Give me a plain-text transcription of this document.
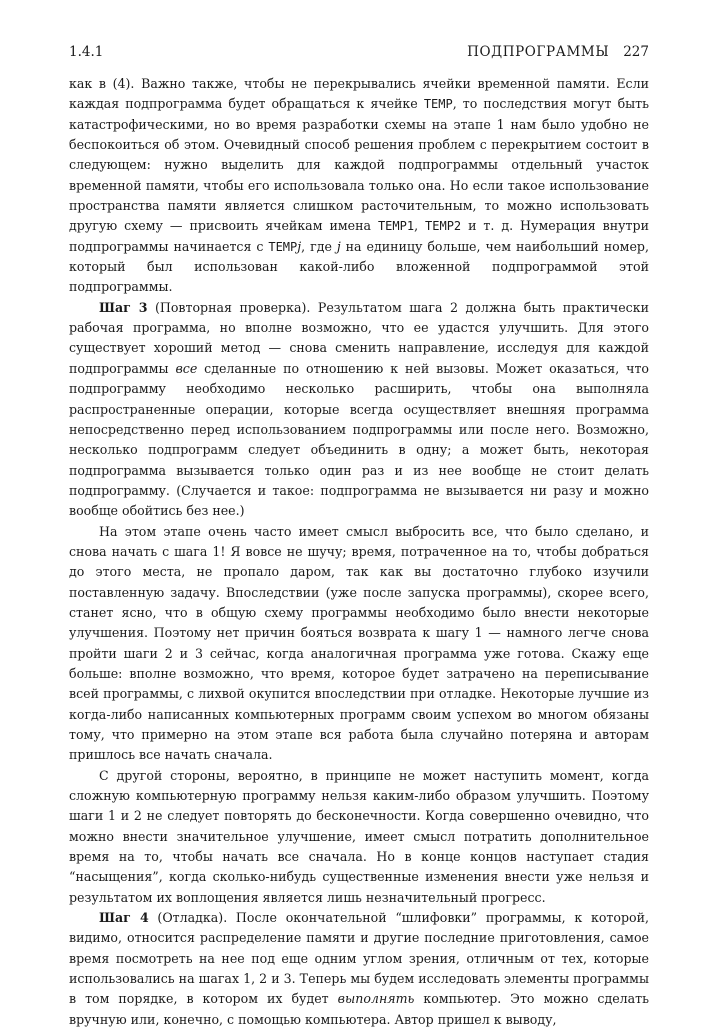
1.4.1	ПОДПРОГРАММЫ 227

как в (4). Важно также, чтобы не перекрывались ячейки временной памяти. Если каждая подпрограмма будет обращаться к ячейке TEMP, то последствия могут быть катастрофическими, но во время разработки схемы на этапе 1 нам было удобно не беспокоиться об этом. Очевидный способ решения проблем с перекрытием состоит в следующем: нужно выделить для каждой подпрограммы отдельный участок временной памяти, чтобы его использовала только она. Но если такое использование пространства памяти является слишком расточительным, то можно использовать другую схему — присвоить ячейкам имена TEMP1, TEMP2 и т. д. Нумерация внутри подпрограммы начинается с TEMPj, где j на единицу больше, чем наибольший номер, который был использован какой-либо вложенной подпрограммой этой подпрограммы.

Шаг 3 (Повторная проверка). Результатом шага 2 должна быть практически рабочая программа, но вполне возможно, что ее удастся улучшить. Для этого существует хороший метод — снова сменить направление, исследуя для каждой подпрограммы все сделанные по отношению к ней вызовы. Может оказаться, что подпрограмму необходимо несколько расширить, чтобы она выполняла распространенные операции, которые всегда осуществляет внешняя программа непосредственно перед использованием подпрограммы или после него. Возможно, несколько подпрограмм следует объединить в одну; а может быть, некоторая подпрограмма вызывается только один раз и из нее вообще не стоит делать подпрограмму. (Случается и такое: подпрограмма не вызывается ни разу и можно вообще обойтись без нее.)

На этом этапе очень часто имеет смысл выбросить все, что было сделано, и снова начать с шага 1! Я вовсе не шучу; время, потраченное на то, чтобы добраться до этого места, не пропало даром, так как вы достаточно глубоко изучили поставленную задачу. Впоследствии (уже после запуска программы), скорее всего, станет ясно, что в общую схему программы необходимо было внести некоторые улучшения. Поэтому нет причин бояться возврата к шагу 1 — намного легче снова пройти шаги 2 и 3 сейчас, когда аналогичная программа уже готова. Скажу еще больше: вполне возможно, что время, которое будет затрачено на переписывание всей программы, с лихвой окупится впоследствии при отладке. Некоторые лучшие из когда-либо написанных компьютерных программ своим успехом во многом обязаны тому, что примерно на этом этапе вся работа была случайно потеряна и авторам пришлось все начать сначала.

С другой стороны, вероятно, в принципе не может наступить момент, когда сложную компьютерную программу нельзя каким-либо образом улучшить. Поэтому шаги 1 и 2 не следует повторять до бесконечности. Когда совершенно очевидно, что можно внести значительное улучшение, имеет смысл потратить дополнительное время на то, чтобы начать все сначала. Но в конце концов наступает стадия “насыщения”, когда сколько-нибудь существенные изменения внести уже нельзя и результатом их воплощения является лишь незначительный прогресс.

Шаг 4 (Отладка). После окончательной “шлифовки” программы, к которой, видимо, относится распределение памяти и другие последние приготовления, самое время посмотреть на нее под еще одним углом зрения, отличным от тех, которые использовались на шагах 1, 2 и 3. Теперь мы будем исследовать элементы программы в том порядке, в котором их будет выполнять компьютер. Это можно сделать вручную или, конечно, с помощью компьютера. Автор пришел к выводу,
